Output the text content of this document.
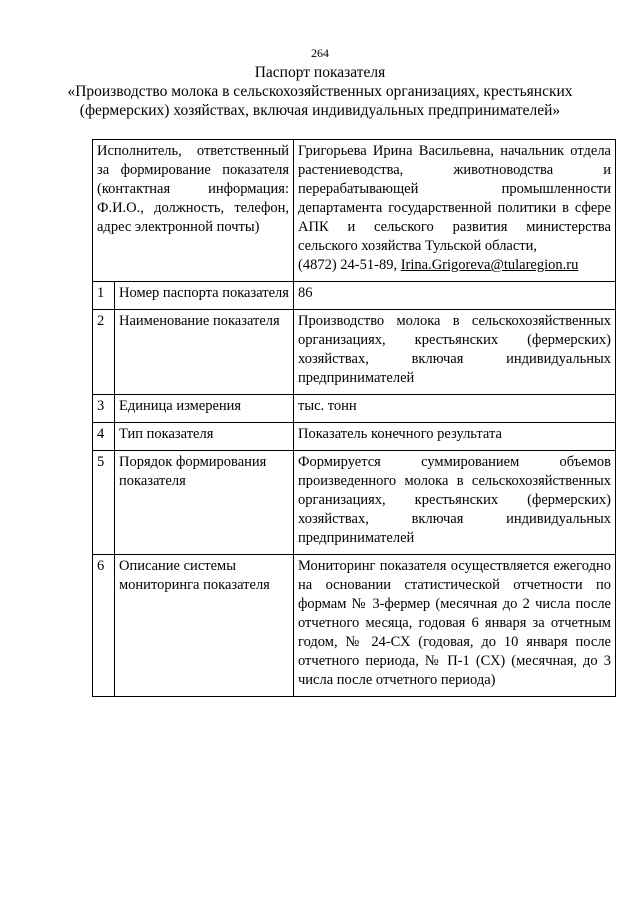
264
Паспорт показателя
«Производство молока в сельскохозяйственных организациях, крестьянских
(фермерских) хозяйствах, включая индивидуальных предпринимателей»
Исполнитель, ответственный за формирование показателя (контактная информация: Ф.И.О., должность, телефон, адрес электронной почты)		Григорьева Ирина Васильевна, начальник отдела растениеводства, животноводства и перерабатывающей промышленности департамента государственной политики в сфере АПК и сельского развития министерства сельского хозяйства Тульской области,
(4872) 24-51-89, Irina.Grigoreva@tularegion.ru

1	Номер паспорта показателя	86
2	Наименование показателя	Производство молока в сельскохозяйственных организациях, крестьянских (фермерских) хозяйствах, включая индивидуальных предпринимателей
3	Единица измерения	тыс. тонн
4	Тип показателя	Показатель конечного результата
5	Порядок формирования показателя	Формируется суммированием объемов произведенного молока в сельскохозяйственных организациях, крестьянских (фермерских) хозяйствах, включая индивидуальных предпринимателей
6	Описание системы мониторинга показателя	Мониторинг показателя осуществляется ежегодно на основании статистической отчетности по формам № 3-фермер (месячная до 2 числа после отчетного месяца, годовая 6 января за отчетным годом, № 24-СХ (годовая, до 10 января после отчетного периода, № П-1 (СХ) (месячная, до 3 числа после отчетного периода)
